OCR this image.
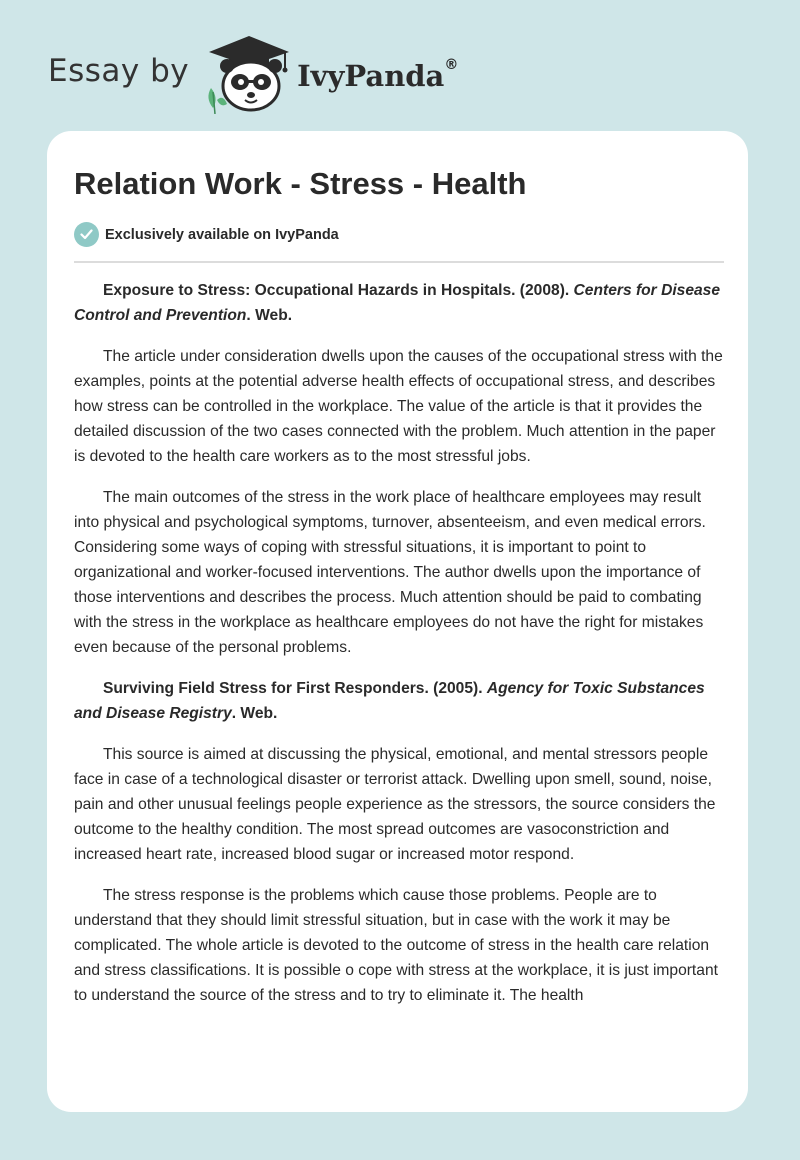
Essay by	IvyPanda®
Relation Work - Stress - Health
Exclusively available on IvyPanda

Exposure to Stress: Occupational Hazards in Hospitals. (2008). Centers for Disease Control and Prevention. Web.

The article under consideration dwells upon the causes of the occupational stress with the examples, points at the potential adverse health effects of occupational stress, and describes how stress can be controlled in the workplace. The value of the article is that it provides the detailed discussion of the two cases connected with the problem. Much attention in the paper is devoted to the health care workers as to the most stressful jobs.

The main outcomes of the stress in the work place of healthcare employees may result into physical and psychological symptoms, turnover, absenteeism, and even medical errors. Considering some ways of coping with stressful situations, it is important to point to organizational and worker-focused interventions. The author dwells upon the importance of those interventions and describes the process. Much attention should be paid to combating with the stress in the workplace as healthcare employees do not have the right for mistakes even because of the personal problems.

Surviving Field Stress for First Responders. (2005). Agency for Toxic Substances and Disease Registry. Web.

This source is aimed at discussing the physical, emotional, and mental stressors people face in case of a technological disaster or terrorist attack. Dwelling upon smell, sound, noise, pain and other unusual feelings people experience as the stressors, the source considers the outcome to the healthy condition. The most spread outcomes are vasoconstriction and increased heart rate, increased blood sugar or increased motor respond.

The stress response is the problems which cause those problems. People are to understand that they should limit stressful situation, but in case with the work it may be complicated. The whole article is devoted to the outcome of stress in the health care relation and stress classifications. It is possible o cope with stress at the workplace, it is just important to understand the source of the stress and to try to eliminate it. The health
